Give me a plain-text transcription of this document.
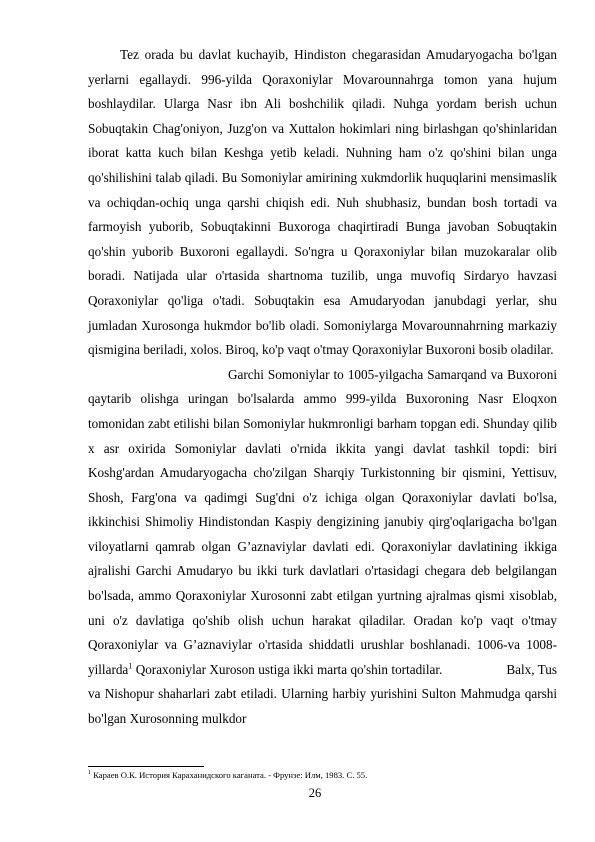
Tez orada bu davlat kuchayib, Hindiston chegarasidan Amudaryogacha bo'lgan yerlarni egallaydi. 996-yilda Qoraxoniylar Movarounnahrga tomon yana hujum boshlaydilar. Ularga Nasr ibn Ali boshchilik qiladi. Nuhga yordam berish uchun Sobuqtakin Chag'oniyon, Juzg'on va Xuttalon hokimlari ning birlashgan qo'shinlaridan iborat katta kuch bilan Keshga yetib keladi. Nuhning ham o'z qo'shini bilan unga qo'shilishini talab qiladi. Bu Somoniylar amirining xukmdorlik huquqlarini mensimaslik va ochiqdan-ochiq unga qarshi chiqish edi. Nuh shubhasiz, bundan bosh tortadi va farmoyish yuborib, Sobuqtakinni Buxoroga chaqirtiradi Bunga javoban Sobuqtakin qo'shin yuborib Buxoroni egallaydi. So'ngra u Qoraxoniylar bilan muzokaralar olib boradi. Natijada ular o'rtasida shartnoma tuzilib, unga muvofiq Sirdaryo havzasi Qoraxoniylar qo'liga o'tadi. Sobuqtakin esa Amudaryodan janubdagi yerlar, shu jumladan Xurosonga hukmdor bo'lib oladi. Somoniylarga Movarounnahrning markaziy qismigina beriladi, xolos. Biroq, ko'p vaqt o'tmay Qoraxoniylar Buxoroni bosib oladilar.

Garchi Somoniylar to 1005-yilgacha Samarqand va Buxoroni qaytarib olishga uringan bo'lsalarda ammo 999-yilda Buxoroning Nasr Eloqxon tomonidan zabt etilishi bilan Somoniylar hukmronligi barham topgan edi. Shunday qilib x asr oxirida Somoniylar davlati o'rnida ikkita yangi davlat tashkil topdi: biri Koshg'ardan Amudaryogacha cho'zilgan Sharqiy Turkistonning bir qismini, Yettisuv, Shosh, Farg'ona va qadimgi Sug'dni o'z ichiga olgan Qoraxoniylar davlati bo'lsa, ikkinchisi Shimoliy Hindistondan Kaspiy dengizining janubiy qirg'oqlarigacha bo'lgan viloyatlarni qamrab olgan G’aznaviylar davlati edi. Qoraxoniylar davlatining ikkiga ajralishi Garchi Amudaryo bu ikki turk davlatlari o'rtasidagi chegara deb belgilangan bo'lsada, ammo Qoraxoniylar Xurosonni zabt etilgan yurtning ajralmas qismi xisoblab, uni o'z davlatiga qo'shib olish uchun harakat qiladilar. Oradan ko'p vaqt o'tmay Qoraxoniylar va G’aznaviylar o'rtasida shiddatli urushlar boshlanadi. 1006-va 1008-yillarda$^1$ Qoraxoniylar Xuroson ustiga ikki marta qo'shin tortadilar.	Balx, Tus va Nishopur shaharlari zabt etiladi. Ularning harbiy yurishini Sulton Mahmudga qarshi bo'lgan Xurosonning mulkdor

$^1$ Караев О.К. История Караханидского каганата. - Фрунзе: Илм, 1983. С. 55.
26
